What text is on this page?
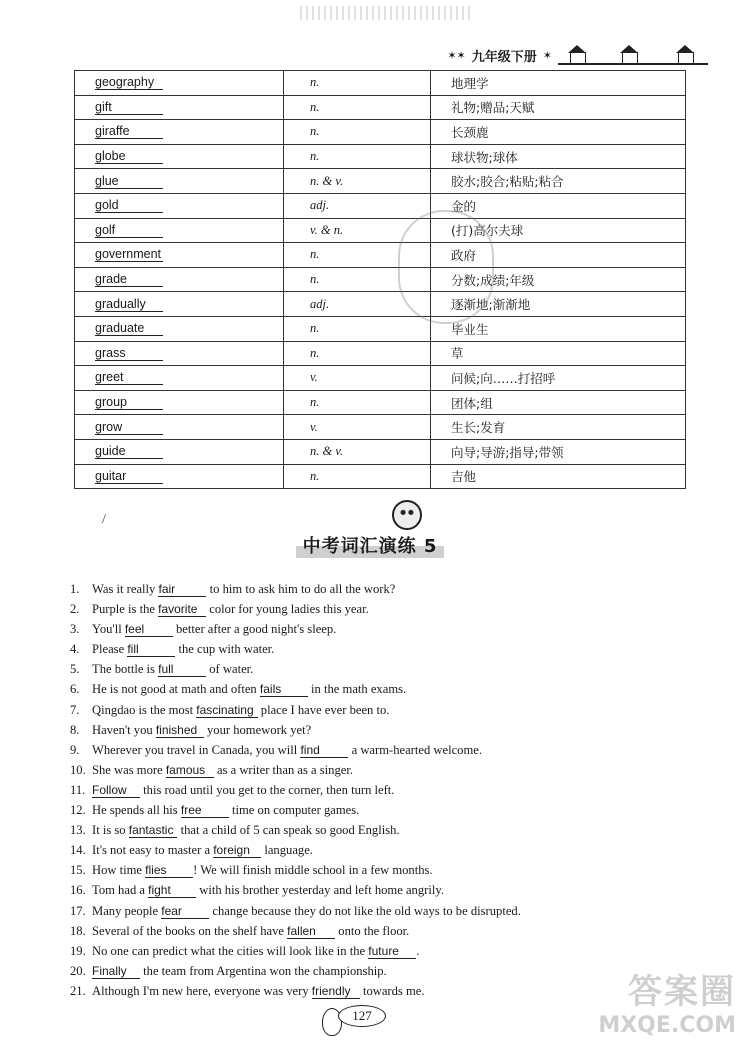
✶✶ 九年级下册 ✶
geography	n.	地理学
gift	n.	礼物;赠品;天赋
giraffe	n.	长颈鹿
globe	n.	球状物;球体
glue	n. & v.	胶水;胶合;粘贴;粘合
gold	adj.	金的
golf	v. & n.	(打)高尔夫球
government	n.	政府
grade	n.	分数;成绩;年级
gradually	adj.	逐渐地;渐渐地
graduate	n.	毕业生
grass	n.	草
greet	v.	问候;向……打招呼
group	n.	团体;组
grow	v.	生长;发育
guide	n. & v.	向导;导游;指导;带领
guitar	n.	吉他
/
中考词汇演练 5
1. Was it really fair to him to ask him to do all the work?
2. Purple is the favorite color for young ladies this year.
3. You'll feel better after a good night's sleep.
4. Please fill	the cup with water.
5. The bottle is full	of water.
6. He is not good at math and often fails in the math exams.
7. Qingdao is the most fascinating place I have ever been to.
8. Haven't you finished your homework yet?
9. Wherever you travel in Canada, you will find a warm-hearted welcome.
10. She was more famous as a writer than as a singer.
11. Follow this road until you get to the corner, then turn left.
12. He spends all his free time on computer games.
13. It is so fantastic that a child of 5 can speak so good English.
14. It's not easy to master a foreign language.
15. How time flies ! We will finish middle school in a few months.
16. Tom had a fight with his brother yesterday and left home angrily.
17. Many people fear change because they do not like the old ways to be disrupted.
18. Several of the books on the shelf have fallen onto the floor.
19. No one can predict what the cities will look like in the future .
20. Finally the team from Argentina won the championship.
21. Although I'm new here, everyone was very friendly towards me.
127
答案圈
MXQE.COM
